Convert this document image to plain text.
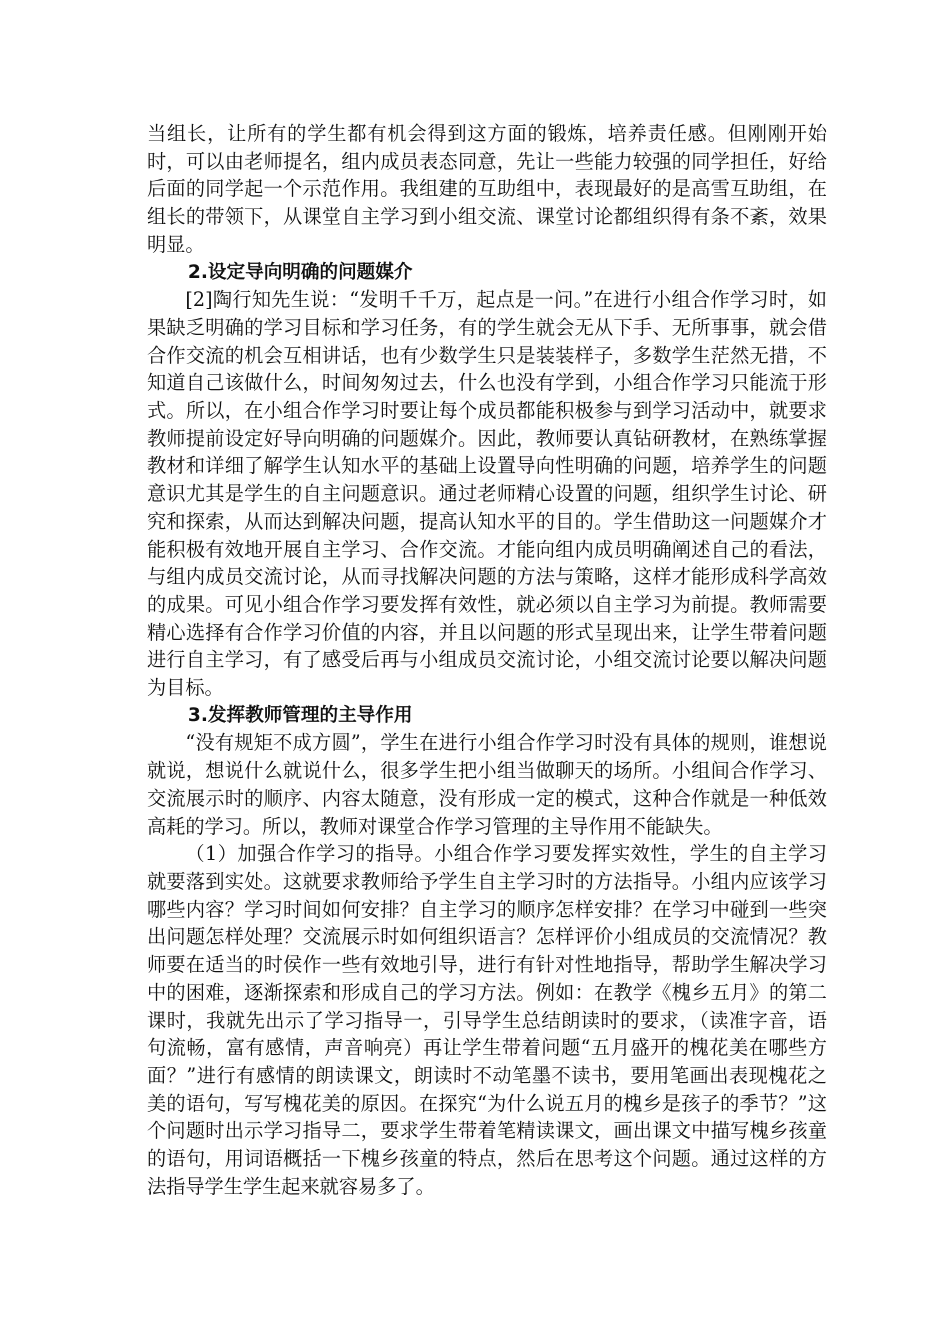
当组长，让所有的学生都有机会得到这方面的锻炼，培养责任感。但刚刚开始时，可以由老师提名，组内成员表态同意，先让一些能力较强的同学担任，好给后面的同学起一个示范作用。我组建的互助组中，表现最好的是高雪互助组，在组长的带领下，从课堂自主学习到小组交流、课堂讨论都组织得有条不紊，效果明显。

2.设定导向明确的问题媒介

[2]陶行知先生说：“发明千千万，起点是一问。”在进行小组合作学习时，如果缺乏明确的学习目标和学习任务，有的学生就会无从下手、无所事事，就会借合作交流的机会互相讲话，也有少数学生只是装装样子，多数学生茫然无措，不知道自己该做什么，时间匆匆过去，什么也没有学到，小组合作学习只能流于形式。所以，在小组合作学习时要让每个成员都能积极参与到学习活动中，就要求教师提前设定好导向明确的问题媒介。因此，教师要认真钻研教材，在熟练掌握教材和详细了解学生认知水平的基础上设置导向性明确的问题，培养学生的问题意识尤其是学生的自主问题意识。通过老师精心设置的问题，组织学生讨论、研究和探索，从而达到解决问题，提高认知水平的目的。学生借助这一问题媒介才能积极有效地开展自主学习、合作交流。才能向组内成员明确阐述自己的看法，与组内成员交流讨论，从而寻找解决问题的方法与策略，这样才能形成科学高效的成果。可见小组合作学习要发挥有效性，就必须以自主学习为前提。教师需要精心选择有合作学习价值的内容，并且以问题的形式呈现出来，让学生带着问题进行自主学习，有了感受后再与小组成员交流讨论，小组交流讨论要以解决问题为目标。

3.发挥教师管理的主导作用

“没有规矩不成方圆”，学生在进行小组合作学习时没有具体的规则，谁想说就说，想说什么就说什么，很多学生把小组当做聊天的场所。小组间合作学习、交流展示时的顺序、内容太随意，没有形成一定的模式，这种合作就是一种低效高耗的学习。所以，教师对课堂合作学习管理的主导作用不能缺失。

（1）加强合作学习的指导。小组合作学习要发挥实效性，学生的自主学习就要落到实处。这就要求教师给予学生自主学习时的方法指导。小组内应该学习哪些内容？学习时间如何安排？自主学习的顺序怎样安排？在学习中碰到一些突出问题怎样处理？交流展示时如何组织语言？怎样评价小组成员的交流情况？教师要在适当的时侯作一些有效地引导，进行有针对性地指导，帮助学生解决学习中的困难，逐渐探索和形成自己的学习方法。例如：在教学《槐乡五月》的第二课时，我就先出示了学习指导一，引导学生总结朗读时的要求，（读准字音，语句流畅，富有感情，声音响亮）再让学生带着问题“五月盛开的槐花美在哪些方面？”进行有感情的朗读课文，朗读时不动笔墨不读书，要用笔画出表现槐花之美的语句，写写槐花美的原因。在探究“为什么说五月的槐乡是孩子的季节？”这个问题时出示学习指导二，要求学生带着笔精读课文，画出课文中描写槐乡孩童的语句，用词语概括一下槐乡孩童的特点，然后在思考这个问题。通过这样的方法指导学生学生起来就容易多了。
